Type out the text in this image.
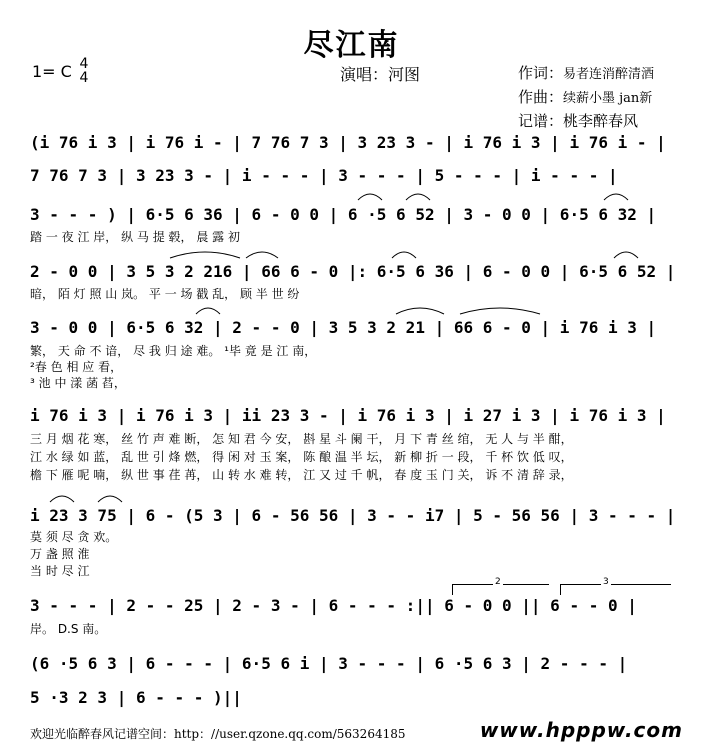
尽江南
1= C 4
4	演唱：河图	作词：易者连消醉清酒
作曲：续薪小墨 jan新
记谱：桃李醉春风
(i 76 i 3 | i 76 i - | 7 76 7 3 | 3 23 3 - | i 76 i 3 | i 76 i - |
7 76 7 3 | 3 23 3 - | i - - - | 3 - - - | 5 - - - | i - - - |
3 - - - ) | 6·5 6 36 | 6 - 0 0 | 6 ·5 6 52 | 3 - 0 0 | 6·5 6 32 |
踏 一 夜 江 岸， 纵 马 提 毂， 晨 露 初
2 - 0 0 | 3 5 3 2 216 | 66 6 - 0 |: 6·5 6 36 | 6 - 0 0 | 6·5 6 52 |
暗， 陌 灯 照 山 岚。 平 一 场 戳 乱， 顾 半 世 纷
3 - 0 0 | 6·5 6 32 | 2 - - 0 | 3 5 3 2 21 | 66 6 - 0 | i 76 i 3 |
繁， 天 命 不 谙， 尽 我 归 途 难。 ¹毕 竟 是 江 南，
²春 色 相 应 看，
³ 池 中 漾 菡 萏，
i 76 i 3 | i 76 i 3 | ii 23 3 - | i 76 i 3 | i 27 i 3 | i 76 i 3 |
三 月 烟 花 寒， 丝 竹 声 难 断， 怎 知 君 今 安， 斟 星 斗 阑 干， 月 下 青 丝 绾， 无 人 与 半 酣，
江 水 绿 如 蓝， 乱 世 引 烽 燃， 得 闲 对 玉 案， 陈 酿 温 半 坛， 新 柳 折 一 段， 千 杯 饮 低 叹，
檐 下 雁 呢 喃， 纵 世 事 荏 苒， 山 转 水 难 转， 江 又 过 千 帆， 春 度 玉 门 关， 诉 不 清 辞 录，
i 23 3 75 | 6 - (5 3 | 6 - 56 56 | 3 - - i7 | 5 - 56 56 | 3 - - - |
莫 须 尽 贪 欢。
万 盏 照 淮
当 时 尽 江
2	3
3 - - - | 2 - - 25 | 2 - 3 - | 6 - - - :|| 6 - 0 0 || 6 - - 0 |
岸。 D.S 南。
(6 ·5 6 3 | 6 - - - | 6·5 6 i | 3 - - - | 6 ·5 6 3 | 2 - - - |
5 ·3 2 3 | 6 - - - )||
欢迎光临醉春风记谱空间：http：//user.qzone.qq.com/563264185	www.hpppw.com
